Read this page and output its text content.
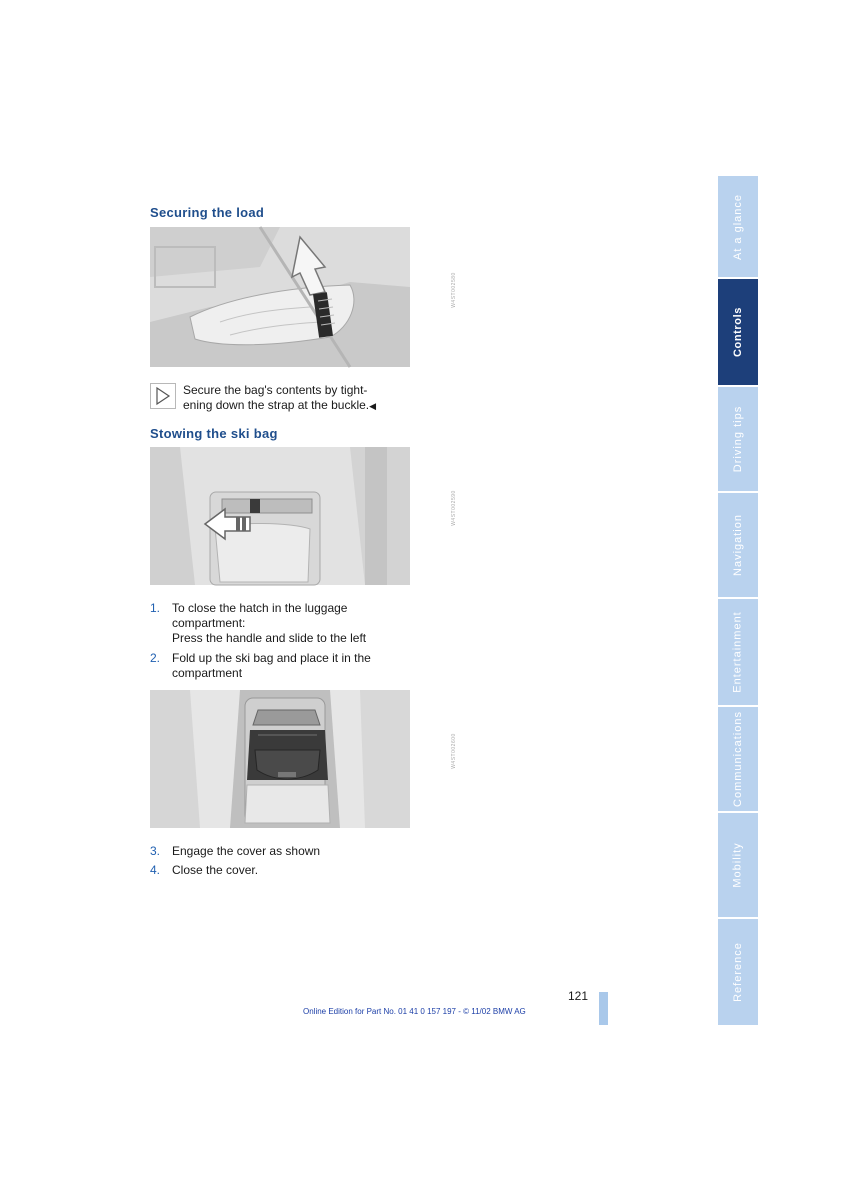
Securing the load
W4ST002580
Secure the bag's contents by tight-
ening down the strap at the buckle.◀
Stowing the ski bag
W4ST002590
1. To close the hatch in the luggage
compartment:
Press the handle and slide to the left
2. Fold up the ski bag and place it in the
compartment
W4ST002600
3. Engage the cover as shown
4. Close the cover.
121
Online Edition for Part No. 01 41 0 157 197 - © 11/02 BMW AG
At a glance
Controls
Driving tips
Navigation
Entertainment
Communications
Mobility
Reference
